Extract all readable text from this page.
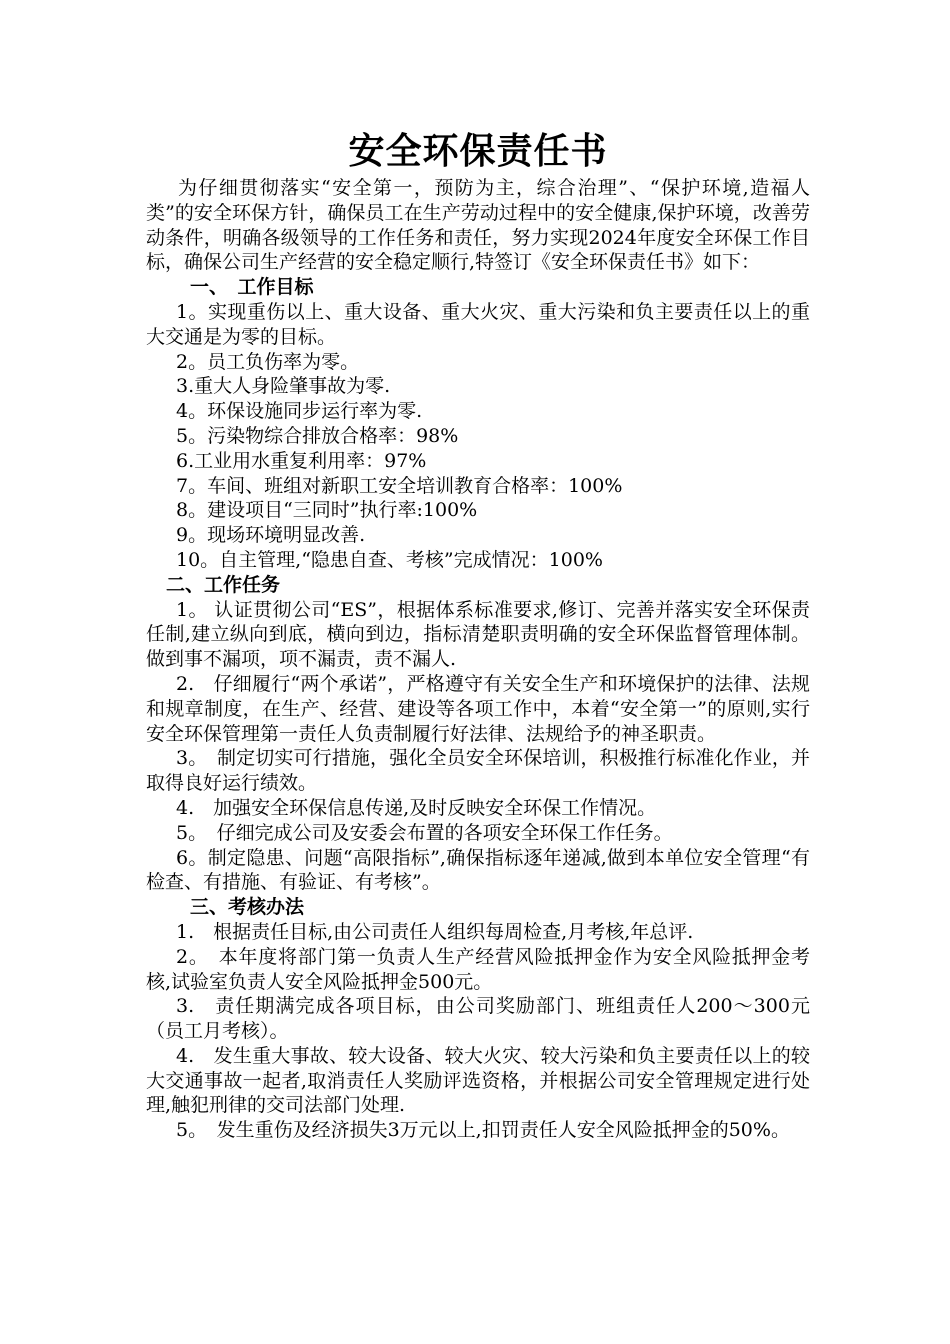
安全环保责任书

为仔细贯彻落实“安全第一，预防为主，综合治理”、“保护环境,造福人类”的安全环保方针，确保员工在生产劳动过程中的安全健康,保护环境，改善劳动条件，明确各级领导的工作任务和责任，努力实现2024年度安全环保工作目标，确保公司生产经营的安全稳定顺行,特签订《安全环保责任书》如下：

一、　工作目标

1。实现重伤以上、重大设备、重大火灾、重大污染和负主要责任以上的重大交通是为零的目标。

2。员工负伤率为零。

3.重大人身险肇事故为零.

4。环保设施同步运行率为零.

5。污染物综合排放合格率：98%

6.工业用水重复利用率：97%

7。车间、班组对新职工安全培训教育合格率：100%

8。建设项目“三同时”执行率:100%

9。现场环境明显改善.

10。自主管理,“隐患自查、考核”完成情况：100%

二、工作任务

1。 认证贯彻公司“ES”，根据体系标准要求,修订、完善并落实安全环保责任制,建立纵向到底，横向到边，指标清楚职责明确的安全环保监督管理体制。做到事不漏项，项不漏责，责不漏人.

2.　仔细履行“两个承诺”，严格遵守有关安全生产和环境保护的法律、法规和规章制度，在生产、经营、建设等各项工作中，本着“安全第一”的原则,实行安全环保管理第一责任人负责制履行好法律、法规给予的神圣职责。

3。　制定切实可行措施，强化全员安全环保培训，积极推行标准化作业，并取得良好运行绩效。

4.　加强安全环保信息传递,及时反映安全环保工作情况。

5。　仔细完成公司及安委会布置的各项安全环保工作任务。

6。制定隐患、问题“高限指标”,确保指标逐年递减,做到本单位安全管理“有检查、有措施、有验证、有考核”。

三、考核办法

1.　根据责任目标,由公司责任人组织每周检查,月考核,年总评.

2。　本年度将部门第一负责人生产经营风险抵押金作为安全风险抵押金考核,试验室负责人安全风险抵押金500元。

3.　责任期满完成各项目标，由公司奖励部门、班组责任人200～300元（员工月考核）。

4.　发生重大事故、较大设备、较大火灾、较大污染和负主要责任以上的较大交通事故一起者,取消责任人奖励评选资格，并根据公司安全管理规定进行处理,触犯刑律的交司法部门处理.

5。　发生重伤及经济损失3万元以上,扣罚责任人安全风险抵押金的50%。
